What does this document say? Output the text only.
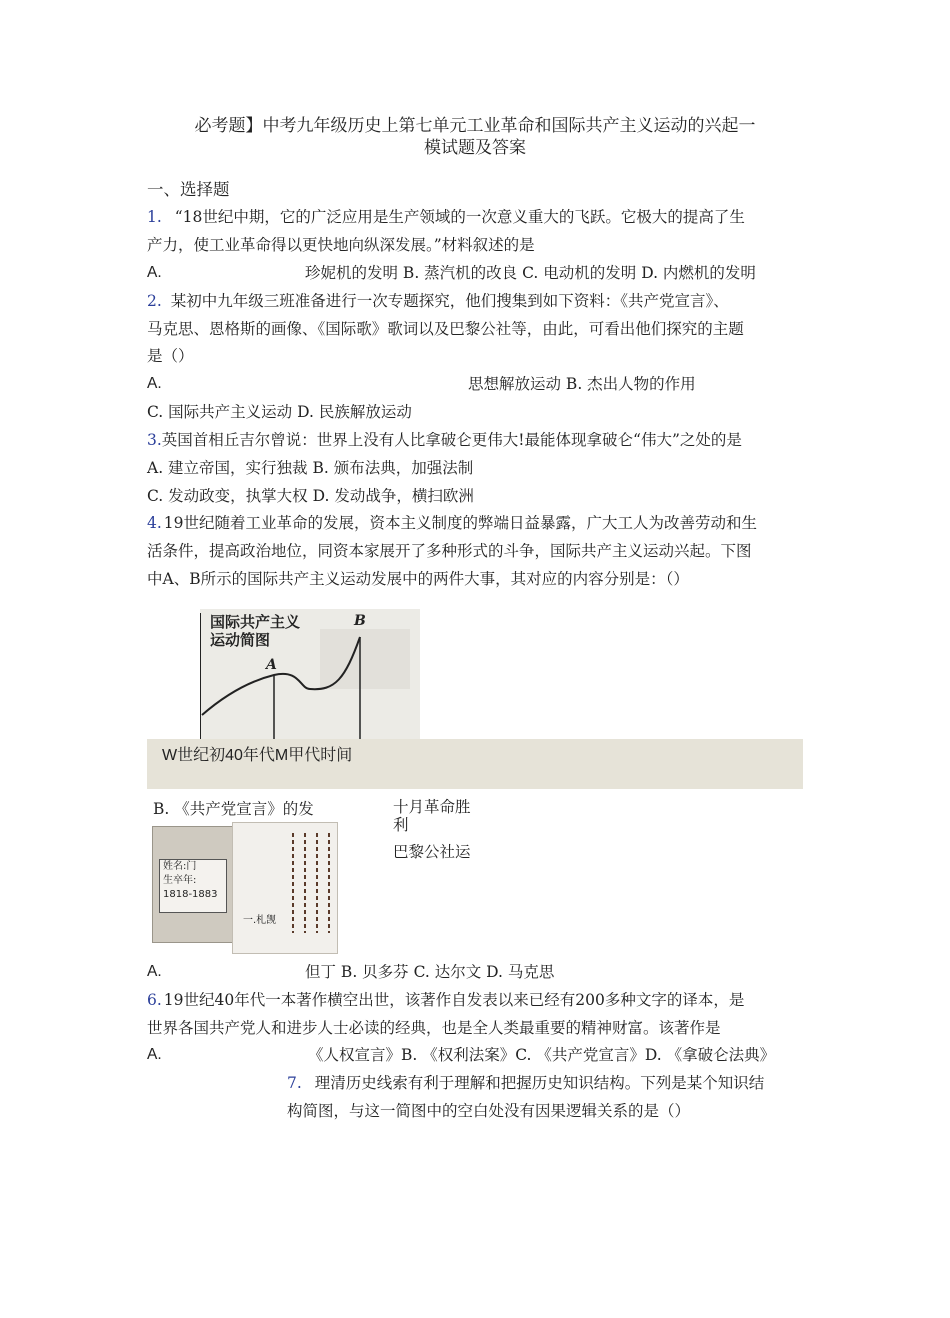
必考题】中考九年级历史上第七单元工业革命和国际共产主义运动的兴起一
模试题及答案
一、选择题
1. “18世纪中期，它的广泛应用是生产领域的一次意义重大的飞跃。它极大的提高了生
产力，使工业革命得以更快地向纵深发展。”材料叙述的是
A.	珍妮机的发明 B. 蒸汽机的改良 C. 电动机的发明 D. 内燃机的发明
2. 某初中九年级三班准备进行一次专题探究，他们搜集到如下资料：《共产党宣言》、
马克思、恩格斯的画像、《国际歌》歌词以及巴黎公社等，由此，可看出他们探究的主题
是（）
A.	思想解放运动 B. 杰出人物的作用
C. 国际共产主义运动 D. 民族解放运动
3.英国首相丘吉尔曾说：世界上没有人比拿破仑更伟大!最能体现拿破仑“伟大”之处的是
A. 建立帝国，实行独裁 B. 颁布法典，加强法制
C. 发动政变，执掌大权 D. 发动战争，横扫欧洲
4. 19世纪随着工业革命的发展，资本主义制度的弊端日益暴露，广大工人为改善劳动和生
活条件，提高政治地位，同资本家展开了多种形式的斗争，国际共产主义运动兴起。下图
中A、B所示的国际共产主义运动发展中的两件大事，其对应的内容分别是：（）
国际共产主义
运动简图
A
B
W世纪初40年代M甲代时间
B. 《共产党宣言》的发	十月革命胜
利
巴黎公社运
姓名:门
生卒年:
1818-1883
一.札觊
A.	但丁 B. 贝多芬 C. 达尔文 D. 马克思
6. 19世纪40年代一本著作横空出世，该著作自发表以来已经有200多种文字的译本，是
世界各国共产党人和进步人士必读的经典，也是全人类最重要的精神财富。该著作是
A.	《人权宣言》B. 《权利法案》C. 《共产党宣言》D. 《拿破仑法典》
7. 理清历史线索有利于理解和把握历史知识结构。下列是某个知识结
构简图，与这一简图中的空白处没有因果逻辑关系的是（）
